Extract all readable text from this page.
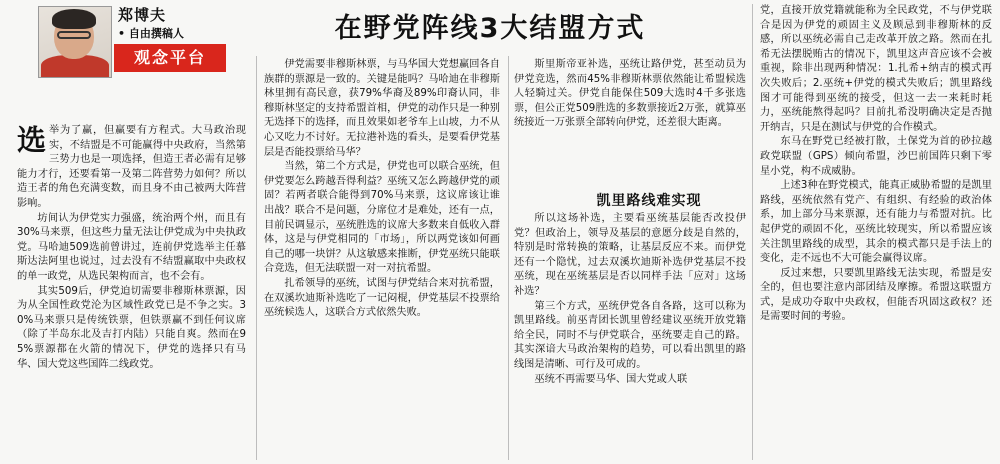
郑博夫
• 自由撰稿人
观念平台
在野党阵线3大结盟方式

选举为了赢，但赢要有方程式。大马政治现实，不结盟是不可能赢得中央政府，当然第三势力也是一项选择，但造王者必需有足够能力才行，还要看第一及第二阵营势力如何？所以造王者的角色充满变数，而且身不由己被两大阵营影响。

坊间认为伊党实力强盛，统治两个州，而且有30%马来票，但这些力量无法让伊党成为中央执政党。马哈迪509选前曾讲过，连前伊党选举主任慕斯达法阿里也说过，过去没有不结盟赢取中央政权的单一政党，从选民架构而言，也不会有。

其实509后，伊党迫切需要非穆斯林票源，因为从全国性政党沦为区域性政党已是不争之实。30%马来票只是传统铁票，但铁票赢不到任何议席（除了半岛东北及吉打内陆）只能自爽。然而在95%票源都在火箭的情况下，伊党的选择只有马华、国大党这些国阵二线政党。

伊党需要非穆斯林票，与马华国大党想赢回各自族群的票源是一致的。关键是能吗？马哈迪在非穆斯林里拥有高民意，获79%华裔及89%印裔认同，非穆斯林坚定的支持希盟首相，伊党的动作只是一种别无选择下的选择，而且效果如老爷车上山坡，力不从心又吃力不讨好。无拉港补选的看头，是要看伊党基层是否能投票给马华？

当然，第二个方式是，伊党也可以联合巫统，但伊党要怎么跨越吾得利益？巫统又怎么跨越伊党的顽固？若两者联合能得到70%马来票，这议席该让谁出战？联合不是问题，分席位才是难处，还有一点，目前民调显示，巫统胜选的议席大多数来自低收入群体，这是与伊党相同的「市场」，所以两党该如何画自己的哪一块饼？从这敏感来推断，伊党巫统只能联合竞选，但无法联盟一对一对抗希盟。

扎希领导的巫统，试图与伊党结合来对抗希盟，在双溪坎迪斯补选吃了一记闷棍，伊党基层不投票给巫统候选人，这联合方式依然失败。

斯里斯帝亚补选，巫统让路伊党，甚至动员为伊党竞选，然而45%非穆斯林票依然能让希盟候选人轻騎过关。伊党自能保住509大选时4千多张选票，但公正党509胜选的多数票接近2万张，就算巫统接近一万张票全部转向伊党，还差很大距离。

凯里路线难实现

所以这场补选，主要看巫统基层能否改投伊党？但政治上，领导及基层的意愿分歧是自然的，特别是时常转换的策略，让基层反应不来。而伊党还有一个隐忧，过去双溪坎迪斯补选伊党基层不投巫统，现在巫统基层是否以同样手法「应对」这场补选？

第三个方式，巫统伊党各自各路，这可以称为凯里路线。前巫青团长凯里曾经建议巫统开放党籍给全民，同时不与伊党联合，巫统要走自己的路。其实深谙大马政治架构的趋势，可以看出凯里的路线图是清晰、可行及可成的。

巫统不再需要马华、国大党或人联

党，直接开放党籍就能称为全民政党，不与伊党联合是因为伊党的顽固主义及顾忌到非穆斯林的反感，所以巫统必需自己走改革开放之路。然而在扎希无法摆脱贿古的情况下，凯里这声音应该不会被重视，除非出现两种情况：1.扎希+纳吉的模式再次失败后；2.巫统+伊党的模式失败后；凯里路线图才可能得到巫统的接受，但这一去一来耗时耗力，巫统能熬得起吗？目前扎希没明确决定是否抛开纳吉，只是在测试与伊党的合作模式。

东马在野党已经被打散，土保党为首的砂拉越政党联盟（GPS）倾向希盟，沙巴前国阵只剩下零星小党，构不成威胁。

上述3种在野党模式，能真正威胁希盟的是凯里路线，巫统依然有党产、有组织、有经验的政治体系，加上部分马来票源，还有能力与希盟对抗。比起伊党的顽固不化，巫统比较现实，所以希盟应该关注凯里路线的成型，其余的模式都只是手法上的变化，走不远也不大可能会赢得议席。

反过来想，只要凯里路线无法实现，希盟是安全的，但也要注意内部团结及摩擦。希盟这联盟方式，是成功夺取中央政权，但能否巩固这政权？还是需要时间的考验。
